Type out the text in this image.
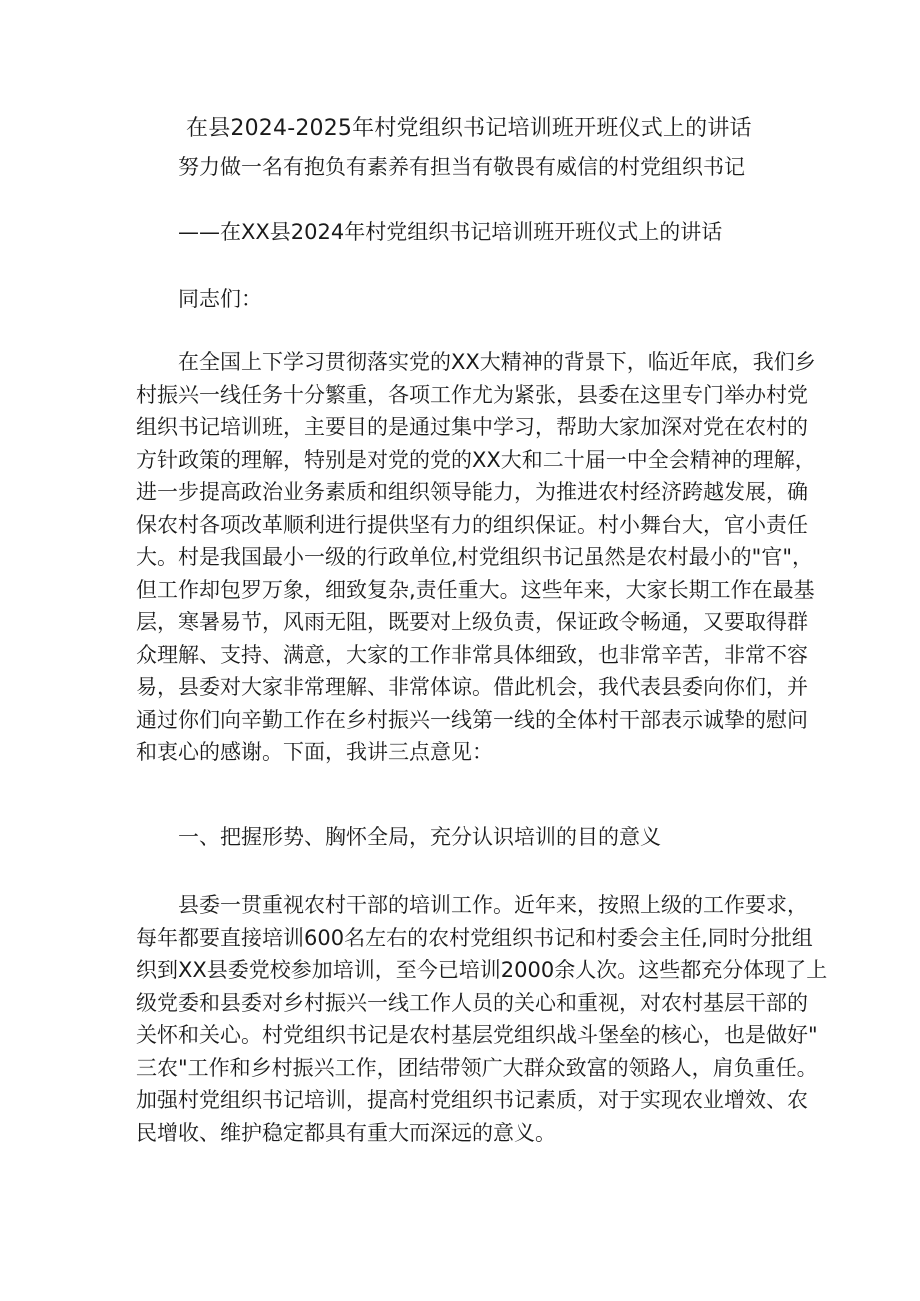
在县2024-2025年村党组织书记培训班开班仪式上的讲话
努力做一名有抱负有素养有担当有敬畏有威信的村党组织书记
——在XX县2024年村党组织书记培训班开班仪式上的讲话
同志们：
在全国上下学习贯彻落实党的XX大精神的背景下，临近年底，我们乡
村振兴一线任务十分繁重，各项工作尤为紧张，县委在这里专门举办村党
组织书记培训班，主要目的是通过集中学习，帮助大家加深对党在农村的
方针政策的理解，特别是对党的党的XX大和二十届一中全会精神的理解，
进一步提高政治业务素质和组织领导能力，为推进农村经济跨越发展，确
保农村各项改革顺利进行提供坚有力的组织保证。村小舞台大，官小责任
大。村是我国最小一级的行政单位,村党组织书记虽然是农村最小的"官"，
但工作却包罗万象，细致复杂,责任重大。这些年来，大家长期工作在最基
层，寒暑易节，风雨无阻，既要对上级负责，保证政令畅通，又要取得群
众理解、支持、满意，大家的工作非常具体细致，也非常辛苦，非常不容
易，县委对大家非常理解、非常体谅。借此机会，我代表县委向你们，并
通过你们向辛勤工作在乡村振兴一线第一线的全体村干部表示诚挚的慰问
和衷心的感谢。下面，我讲三点意见：
一、把握形势、胸怀全局，充分认识培训的目的意义
县委一贯重视农村干部的培训工作。近年来，按照上级的工作要求，
每年都要直接培训600名左右的农村党组织书记和村委会主任,同时分批组
织到XX县委党校参加培训，至今已培训2000余人次。这些都充分体现了上
级党委和县委对乡村振兴一线工作人员的关心和重视，对农村基层干部的
关怀和关心。村党组织书记是农村基层党组织战斗堡垒的核心，也是做好"
三农"工作和乡村振兴工作，团结带领广大群众致富的领路人，肩负重任。
加强村党组织书记培训，提高村党组织书记素质，对于实现农业增效、农
民增收、维护稳定都具有重大而深远的意义。
